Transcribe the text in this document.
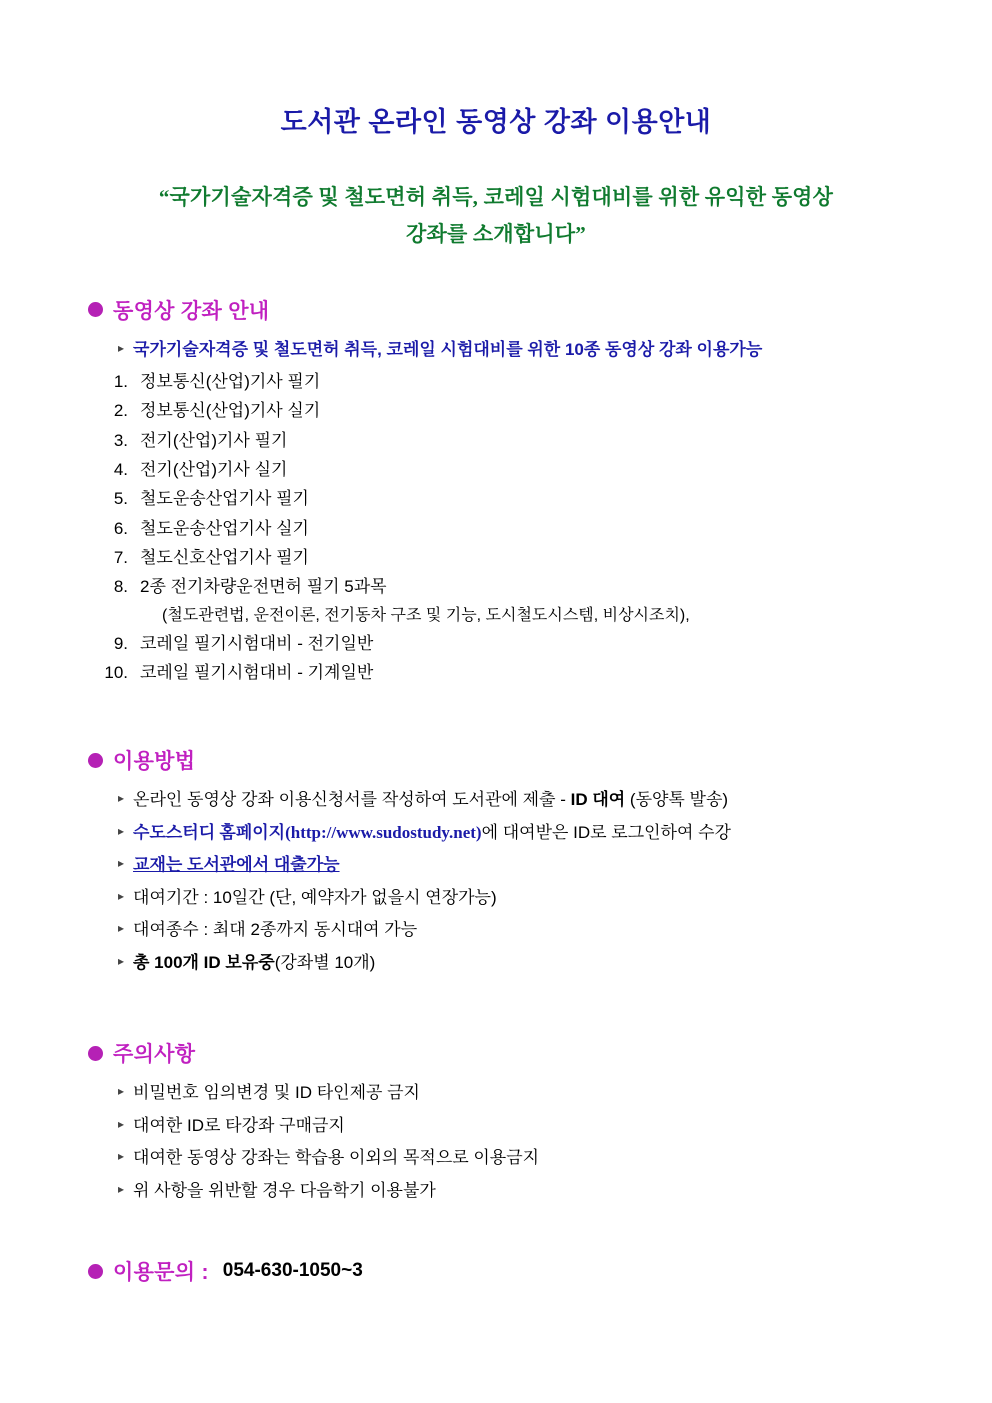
도서관 온라인 동영상 강좌 이용안내
“국가기술자격증 및 철도면허 취득, 코레일 시험대비를 위한 유익한 동영상
강좌를 소개합니다”
동영상 강좌 안내
▸ 국가기술자격증 및 철도면허 취득, 코레일 시험대비를 위한 10종 동영상 강좌 이용가능
1. 정보통신(산업)기사 필기
2. 정보통신(산업)기사 실기
3. 전기(산업)기사 필기
4. 전기(산업)기사 실기
5. 철도운송산업기사 필기
6. 철도운송산업기사 실기
7. 철도신호산업기사 필기
8. 2종 전기차량운전면허 필기 5과목
(철도관련법, 운전이론, 전기동차 구조 및 기능, 도시철도시스템, 비상시조치),
9. 코레일 필기시험대비 - 전기일반
10. 코레일 필기시험대비 - 기계일반
이용방법
▸ 온라인 동영상 강좌 이용신청서를 작성하여 도서관에 제출 - ID 대여 (동양톡 발송)
▸ 수도스터디 홈페이지(http://www.sudostudy.net)에 대여받은 ID로 로그인하여 수강
▸ 교재는 도서관에서 대출가능
▸ 대여기간 : 10일간 (단, 예약자가 없을시 연장가능)
▸ 대여종수 : 최대 2종까지 동시대여 가능
▸ 총 100개 ID 보유중(강좌별 10개)
주의사항
▸ 비밀번호 임의변경 및 ID 타인제공 금지
▸ 대여한 ID로 타강좌 구매금지
▸ 대여한 동영상 강좌는 학습용 이외의 목적으로 이용금지
▸ 위 사항을 위반할 경우 다음학기 이용불가
이용문의 : 054-630-1050~3
